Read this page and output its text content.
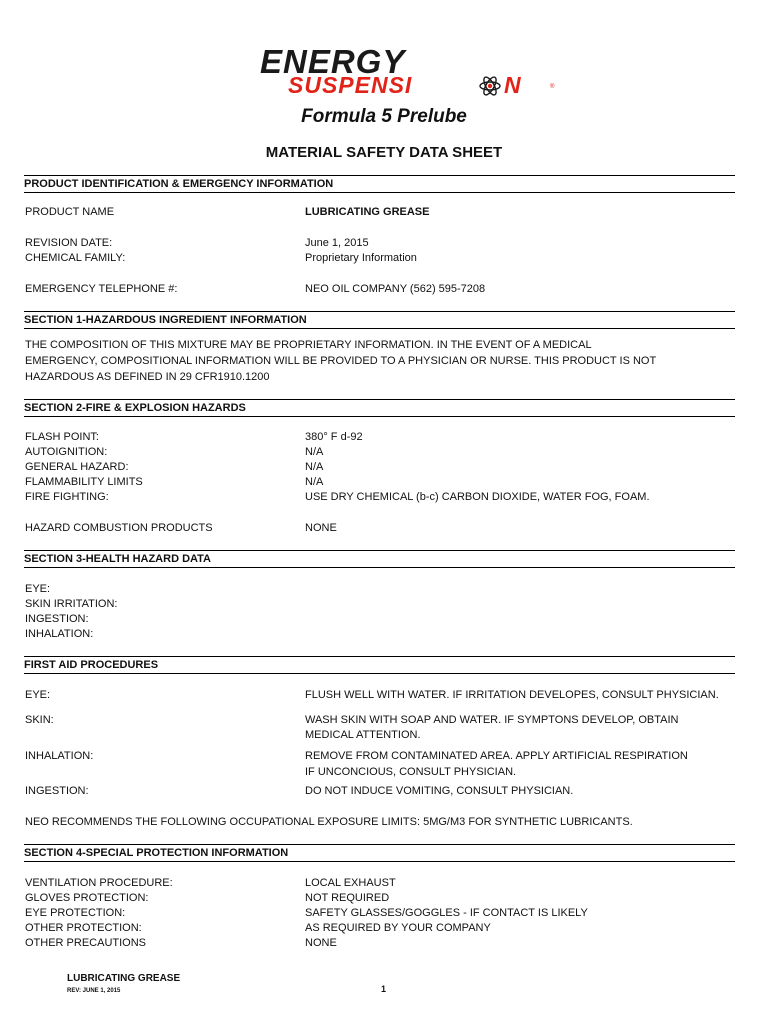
ENERGY
SUSPENSI	N	®
Formula 5 Prelube
MATERIAL SAFETY DATA SHEET
PRODUCT IDENTIFICATION & EMERGENCY INFORMATION
PRODUCT NAME	LUBRICATING GREASE
REVISION DATE:	June 1, 2015
CHEMICAL FAMILY:	Proprietary Information
EMERGENCY TELEPHONE #:	NEO OIL COMPANY (562) 595-7208
SECTION 1-HAZARDOUS INGREDIENT INFORMATION
THE COMPOSITION OF THIS MIXTURE MAY BE PROPRIETARY INFORMATION. IN THE EVENT OF A MEDICAL
EMERGENCY, COMPOSITIONAL INFORMATION WILL BE PROVIDED TO A PHYSICIAN OR NURSE. THIS PRODUCT IS NOT
HAZARDOUS AS DEFINED IN 29 CFR1910.1200
SECTION 2-FIRE & EXPLOSION HAZARDS
FLASH POINT:	380° F d-92
AUTOIGNITION:	N/A
GENERAL HAZARD:	N/A
FLAMMABILITY LIMITS	N/A
FIRE FIGHTING:	USE DRY CHEMICAL (b-c) CARBON DIOXIDE, WATER FOG, FOAM.
HAZARD COMBUSTION PRODUCTS	NONE
SECTION 3-HEALTH HAZARD DATA
EYE:
SKIN IRRITATION:
INGESTION:
INHALATION:
FIRST AID PROCEDURES
EYE:	FLUSH WELL WITH WATER. IF IRRITATION DEVELOPES, CONSULT PHYSICIAN.
SKIN:	WASH SKIN WITH SOAP AND WATER. IF SYMPTONS DEVELOP, OBTAIN
MEDICAL ATTENTION.
INHALATION:	REMOVE FROM CONTAMINATED AREA. APPLY ARTIFICIAL RESPIRATION
IF UNCONCIOUS, CONSULT PHYSICIAN.
INGESTION:	DO NOT INDUCE VOMITING, CONSULT PHYSICIAN.
NEO RECOMMENDS THE FOLLOWING OCCUPATIONAL EXPOSURE LIMITS: 5MG/M3 FOR SYNTHETIC LUBRICANTS.
SECTION 4-SPECIAL PROTECTION INFORMATION
VENTILATION PROCEDURE:	LOCAL EXHAUST
GLOVES PROTECTION:	NOT REQUIRED
EYE PROTECTION:	SAFETY GLASSES/GOGGLES - IF CONTACT IS LIKELY
OTHER PROTECTION:	AS REQUIRED BY YOUR COMPANY
OTHER PRECAUTIONS	NONE
LUBRICATING GREASE
REV: JUNE 1, 2015	1
